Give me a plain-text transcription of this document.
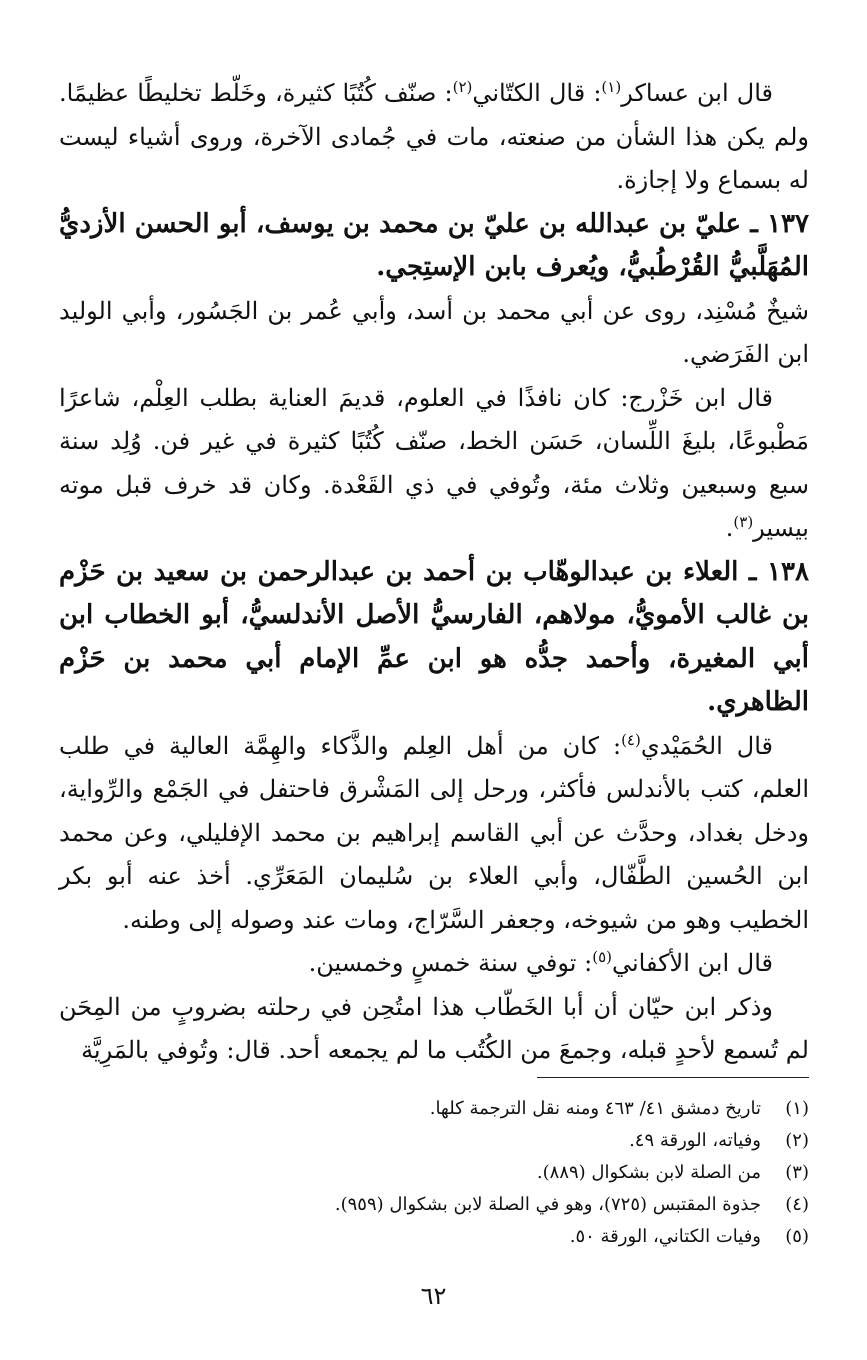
قال ابن عساكر$^{(١)}$: قال الكتّاني$^{(٢)}$: صنّف كُتُبًا كثيرة، وخَلّط تخليطًا عظيمًا. ولم يكن هذا الشأن من صنعته، مات في جُمادى الآخرة، وروى أشياء ليست له بسماع ولا إجازة.

١٣٧ ـ عليّ بن عبدالله بن عليّ بن محمد بن يوسف، أبو الحسن الأزديُّ المُهَلَّبيُّ القُرْطُبيُّ، ويُعرف بابن الإستِجي.

شيخٌ مُسْنِد، روى عن أبي محمد بن أسد، وأبي عُمر بن الجَسُور، وأبي الوليد ابن الفَرَضي.

قال ابن خَزْرج: كان نافذًا في العلوم، قديمَ العناية بطلب العِلْم، شاعرًا مَطْبوعًا، بليغَ اللِّسان، حَسَن الخط، صنّف كُتُبًا كثيرة في غير فن. وُلِد سنة سبع وسبعين وثلاث مئة، وتُوفي في ذي القَعْدة. وكان قد خرف قبل موته بيسير$^{(٣)}$.

١٣٨ ـ العلاء بن عبدالوهّاب بن أحمد بن عبدالرحمن بن سعيد بن حَزْم بن غالب الأمويُّ، مولاهم، الفارسيُّ الأصل الأندلسيُّ، أبو الخطاب ابن أبي المغيرة، وأحمد جدُّه هو ابن عمِّ الإمام أبي محمد بن حَزْم الظاهري.

قال الحُمَيْدي$^{(٤)}$: كان من أهل العِلم والذَّكاء والهِمَّة العالية في طلب العلم، كتب بالأندلس فأكثر، ورحل إلى المَشْرق فاحتفل في الجَمْع والرِّواية، ودخل بغداد، وحدَّث عن أبي القاسم إبراهيم بن محمد الإفليلي، وعن محمد ابن الحُسين الطَّفّال، وأبي العلاء بن سُليمان المَعَرِّي. أخذ عنه أبو بكر الخطيب وهو من شيوخه، وجعفر السَّرّاج، ومات عند وصوله إلى وطنه.

قال ابن الأكفاني$^{(٥)}$: توفي سنة خمسٍ وخمسين.

وذكر ابن حيّان أن أبا الخَطّاب هذا امتُحِن في رحلته بضروبٍ من المِحَن لم تُسمع لأحدٍ قبله، وجمعَ من الكُتُب ما لم يجمعه أحد. قال: وتُوفي بالمَرِيَّة

(١)تاريخ دمشق ٤١/ ٤٦٣ ومنه نقل الترجمة كلها.

(٢)وفياته، الورقة ٤٩.

(٣)من الصلة لابن بشكوال (٨٨٩).

(٤)جذوة المقتبس (٧٢٥)، وهو في الصلة لابن بشكوال (٩٥٩).

(٥)وفيات الكتاني، الورقة ٥٠.

٦٢
